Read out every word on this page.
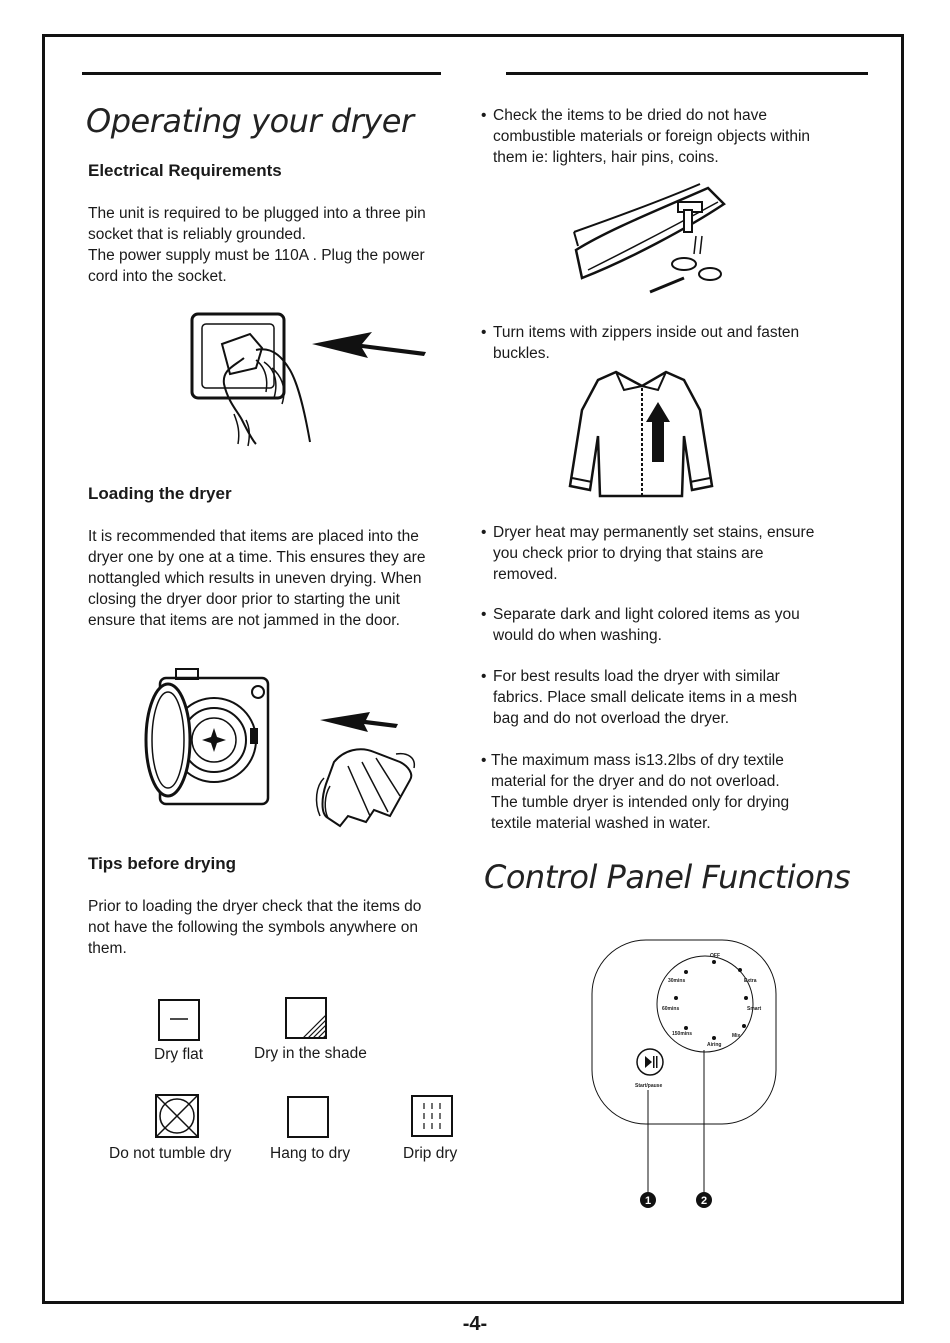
Operating your dryer
Electrical Requirements
The unit is required to be plugged into a three pin
socket that is reliably grounded.
The power supply must be 110A . Plug the power
cord into the socket.
Loading the dryer
It is recommended that items are placed into the
dryer one by one at a time. This ensures they are
nottangled which results in uneven drying. When
closing the dryer door prior to starting the unit
ensure that items are not jammed in the door.
Tips before drying
Prior to loading the dryer check that the items do
not have the following the symbols anywhere on
them.
Dry flat	Dry in the shade
Do not tumble dry Hang to dry	Drip dry
• Check the items to be dried do not have
combustible materials or foreign objects within
them ie: lighters, hair pins, coins.
• Turn items with zippers inside out and fasten
buckles.
• Dryer heat may permanently set stains, ensure
you check prior to drying that stains are
removed.
• Separate dark and light colored items as you
would do when washing.
• For best results load the dryer with similar
fabrics. Place small delicate items in a mesh
bag and do not overload the dryer.
• The maximum mass is13.2lbs of dry textile
material for the dryer and do not overload.
The tumble dryer is intended only for drying
textile material washed in water.
Control Panel Functions
OFF
30mins	Extra
60mins	Smart
150mins	Mix
Airing
Start/pause
1	2
-4-
